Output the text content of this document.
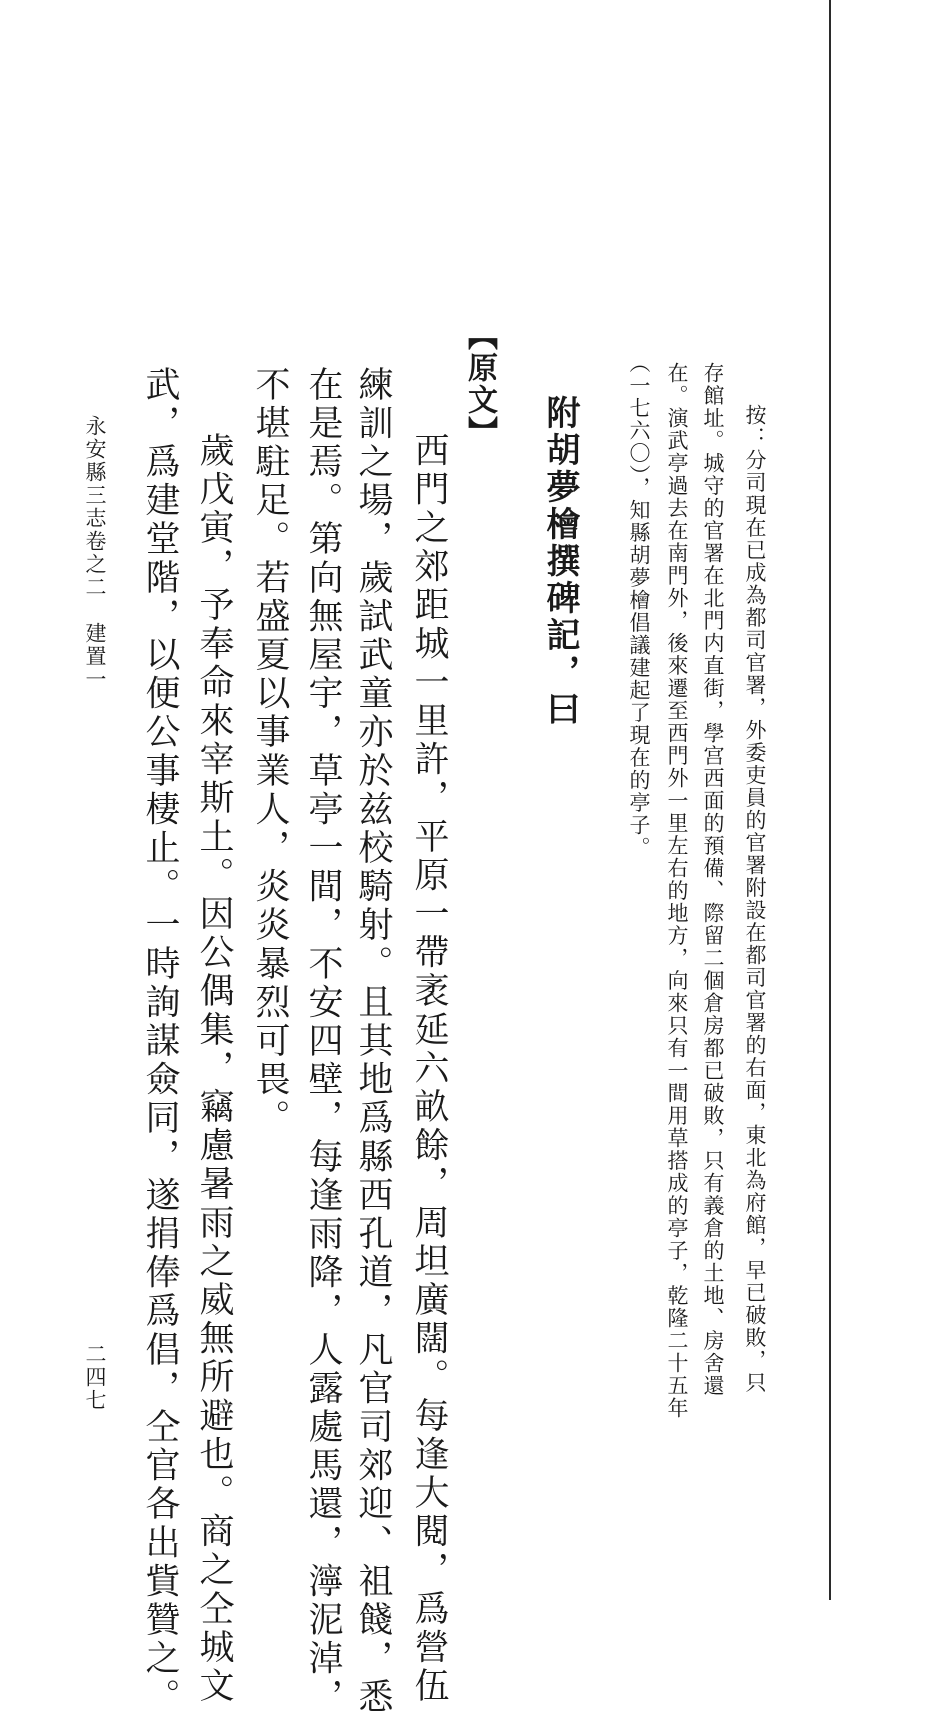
按：分司現在已成為都司官署，外委吏員的官署附設在都司官署的右面，東北為府館，早已破敗，只
存館址。城守的官署在北門内直街，學宫西面的預備、際留二個倉房都已破敗，只有義倉的土地、房舍還
在。演武亭過去在南門外，後來遷至西門外一里左右的地方，向來只有一間用草搭成的亭子，乾隆二十五年
（一七六〇），知縣胡夢檜倡議建起了現在的亭子。
附胡夢檜撰碑記，曰
【原文】
西門之郊距城一里許，平原一帶袤延六畝餘，周坦廣闊。每逢大閱，爲營伍
練訓之場，歲試武童亦於兹校騎射。且其地爲縣西孔道，凡官司郊迎、祖餞，悉
在是焉。第向無屋宇，草亭一間，不安四壁，每逢雨降，人露處馬還，濘泥淖，
不堪駐足。若盛夏以事業人，炎炎暴烈可畏。
歲戊寅，予奉命來宰斯土。因公偶集，竊慮暑雨之威無所避也。商之仝城文
武，爲建堂階，以便公事棲止。一時詢謀僉同，遂捐俸爲倡，仝官各出貲贊之。
永安縣三志卷之二　建置一
二四七
